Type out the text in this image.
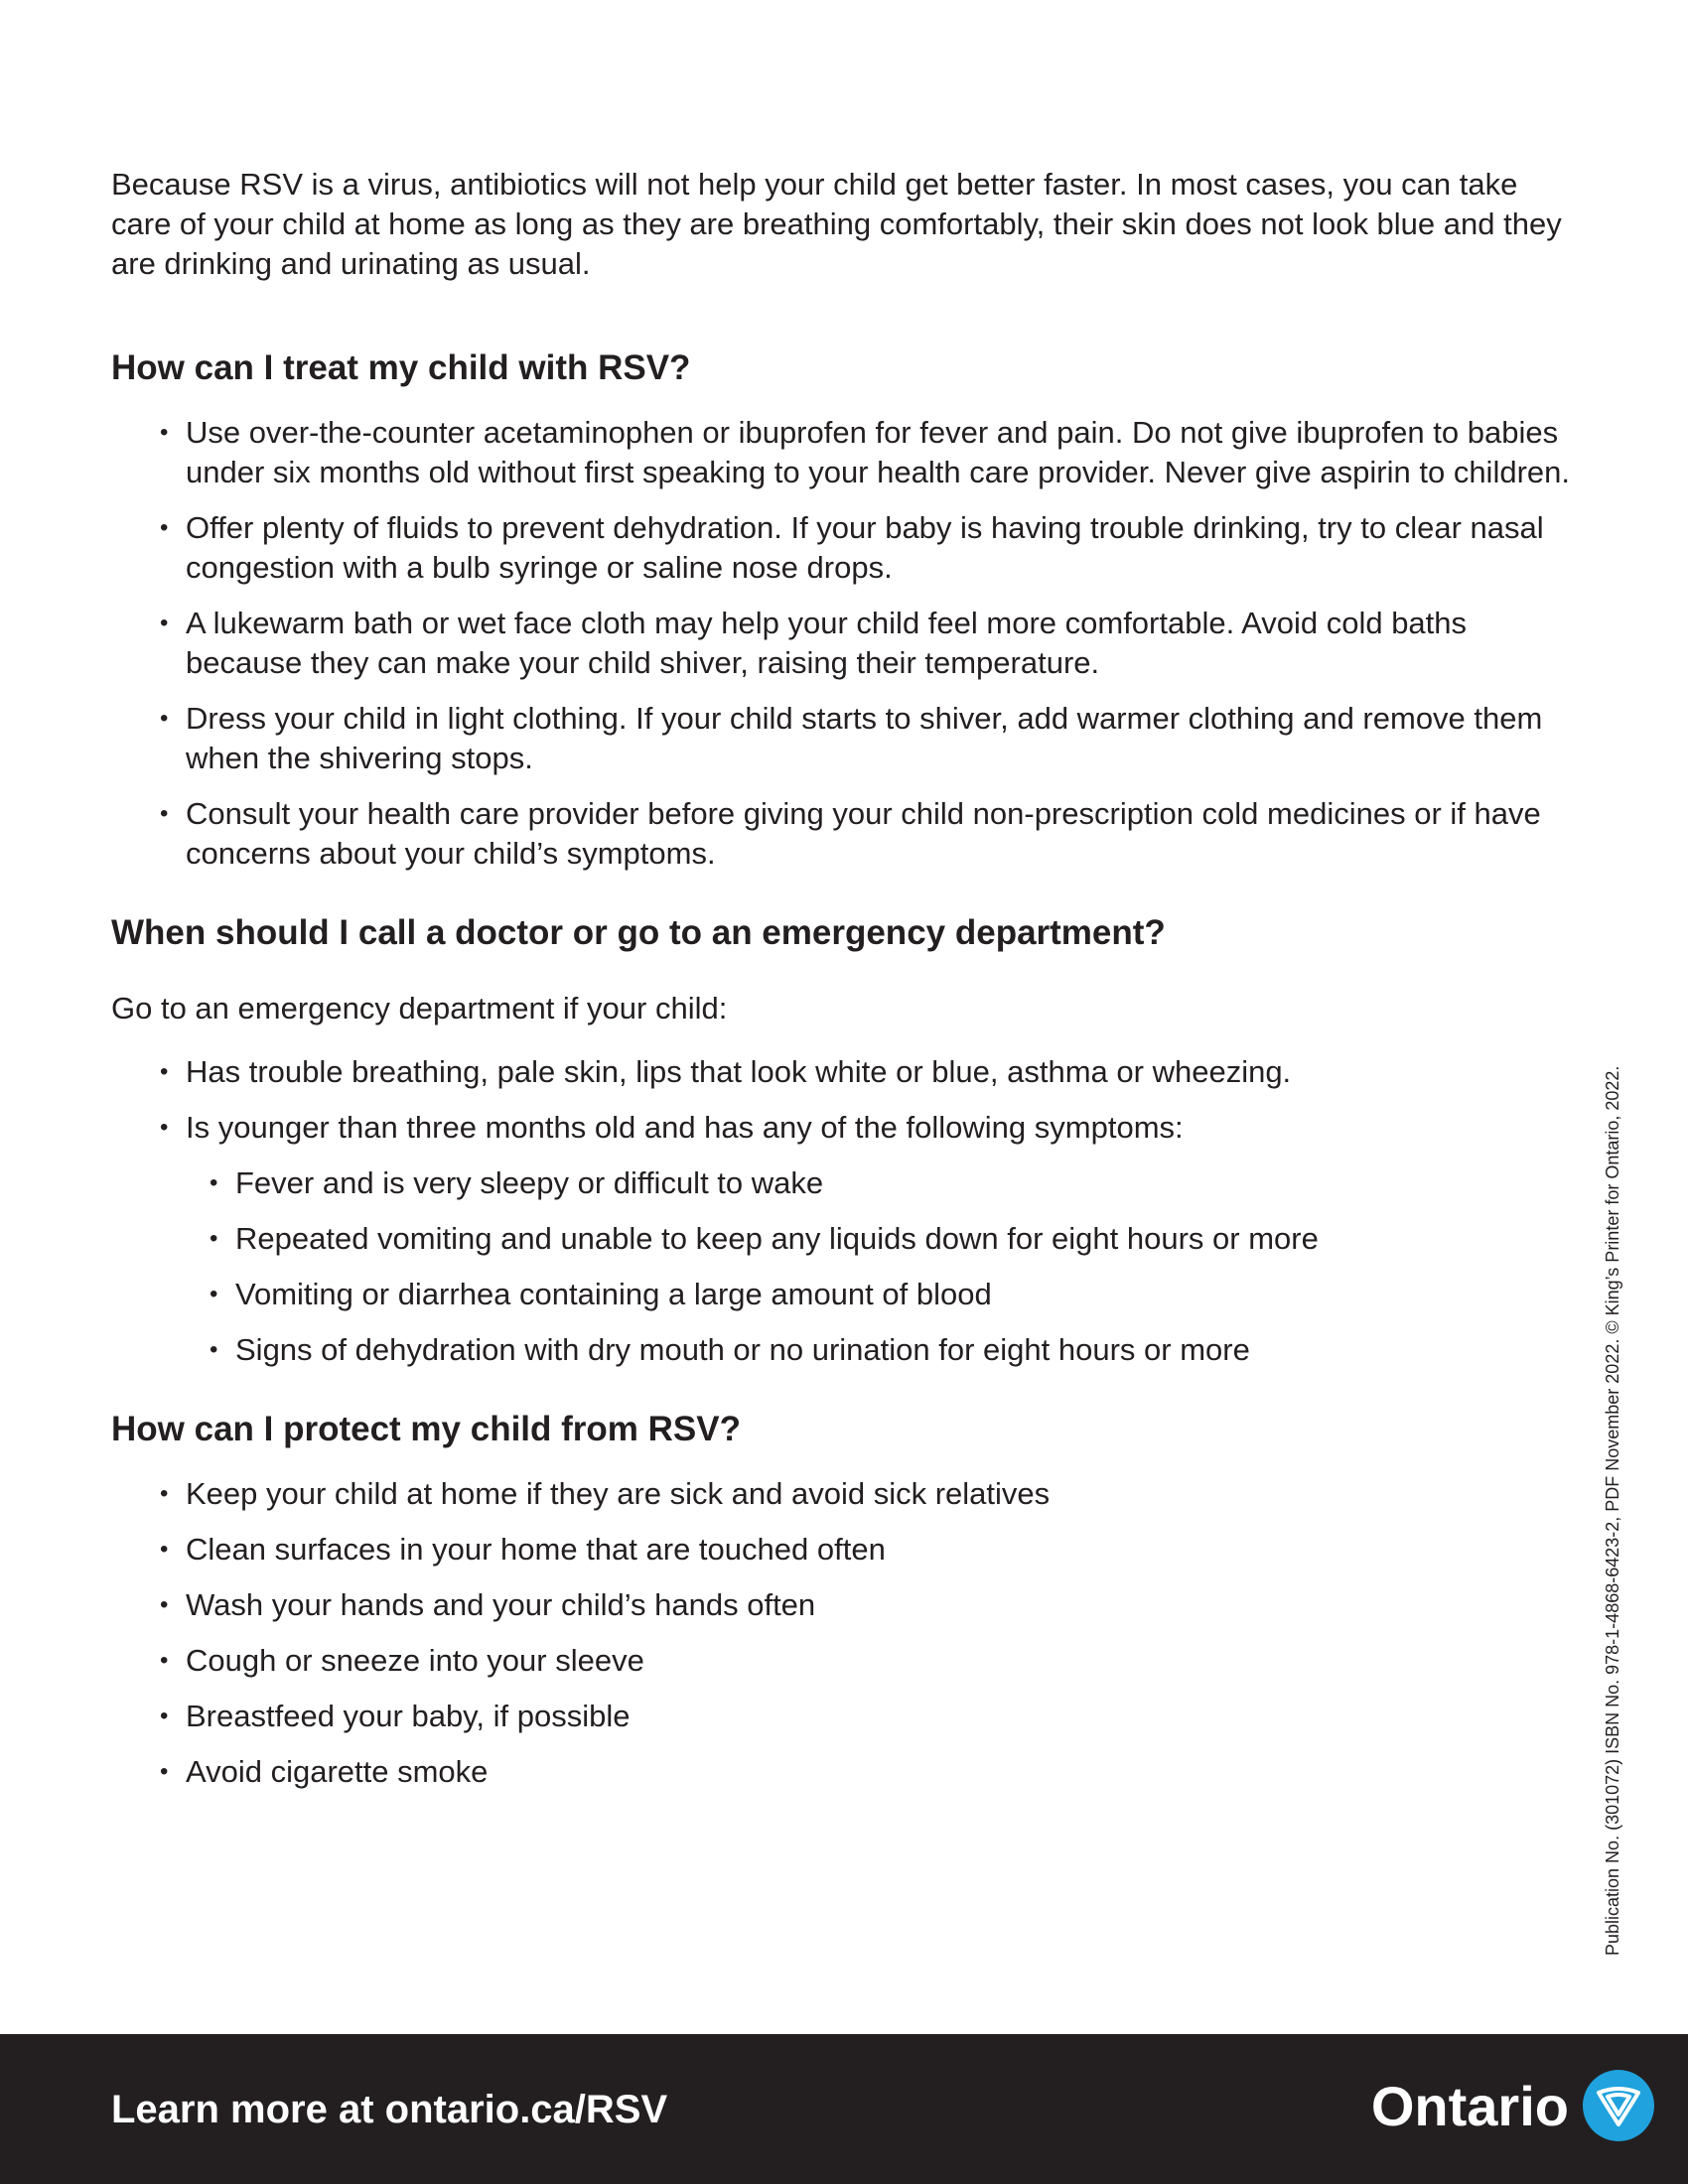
Because RSV is a virus, antibiotics will not help your child get better faster. In most cases, you can take care of your child at home as long as they are breathing comfortably, their skin does not look blue and they are drinking and urinating as usual.

How can I treat my child with RSV?
• Use over-the-counter acetaminophen or ibuprofen for fever and pain. Do not give ibuprofen to babies under six months old without first speaking to your health care provider. Never give aspirin to children.
• Offer plenty of fluids to prevent dehydration. If your baby is having trouble drinking, try to clear nasal congestion with a bulb syringe or saline nose drops.
• A lukewarm bath or wet face cloth may help your child feel more comfortable. Avoid cold baths because they can make your child shiver, raising their temperature.
• Dress your child in light clothing. If your child starts to shiver, add warmer clothing and remove them when the shivering stops.
• Consult your health care provider before giving your child non-prescription cold medicines or if have concerns about your child’s symptoms.
When should I call a doctor or go to an emergency department?

Go to an emergency department if your child:

• Has trouble breathing, pale skin, lips that look white or blue, asthma or wheezing.
• Is younger than three months old and has any of the following symptoms:
• Fever and is very sleepy or difficult to wake
• Repeated vomiting and unable to keep any liquids down for eight hours or more
• Vomiting or diarrhea containing a large amount of blood
• Signs of dehydration with dry mouth or no urination for eight hours or more
How can I protect my child from RSV?
• Keep your child at home if they are sick and avoid sick relatives
• Clean surfaces in your home that are touched often
• Wash your hands and your child’s hands often
• Cough or sneeze into your sleeve
• Breastfeed your baby, if possible
• Avoid cigarette smoke	Publication No. (301072) ISBN No. 978-1-4868-6423-2, PDF November 2022. © King’s Printer for Ontario, 2022.
Learn more at ontario.ca/RSV	Ontario
